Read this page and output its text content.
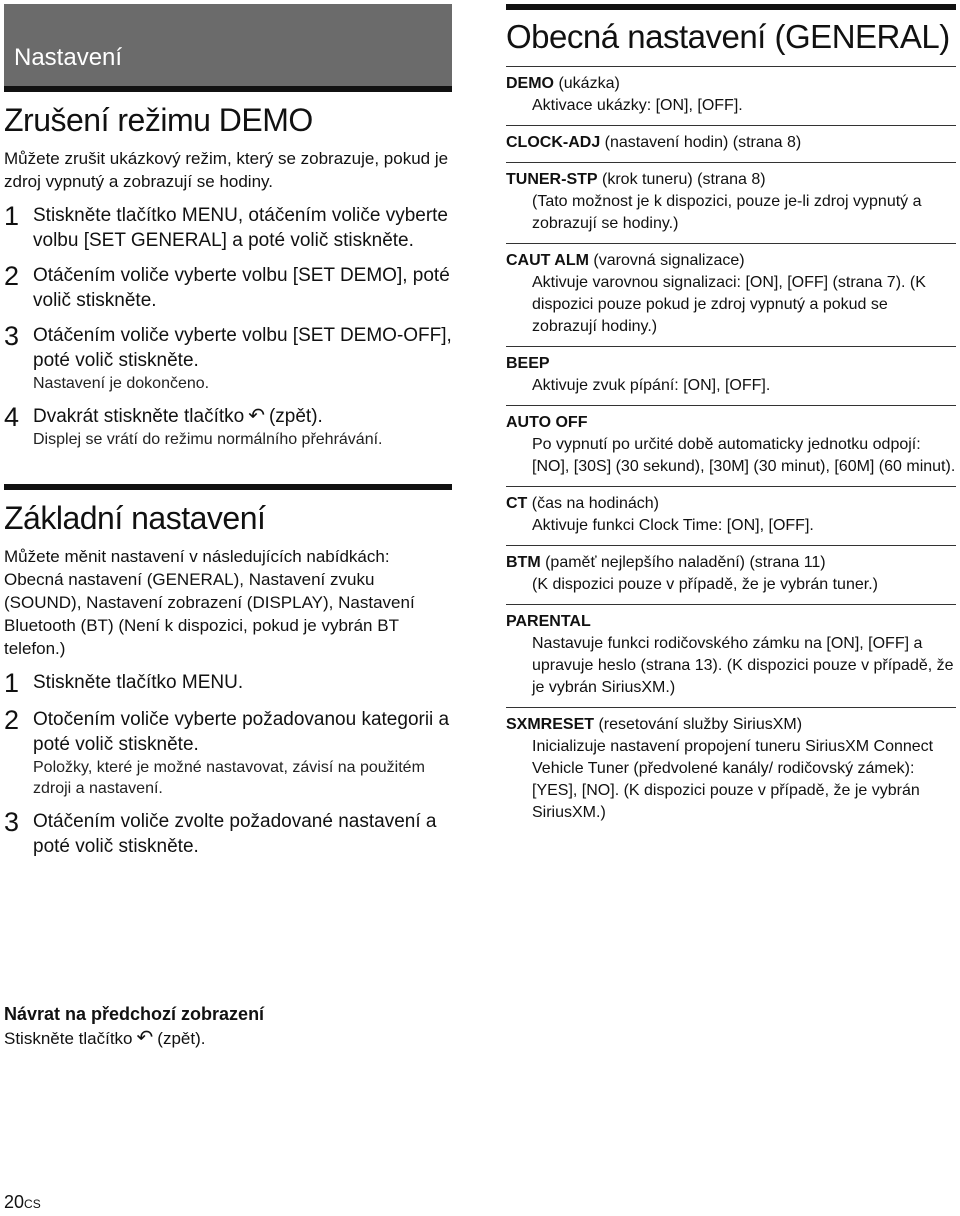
Nastavení
Zrušení režimu DEMO

Můžete zrušit ukázkový režim, který se zobrazuje, pokud je zdroj vypnutý a zobrazují se hodiny.

1 Stiskněte tlačítko MENU, otáčením voliče vyberte volbu [SET GENERAL] a poté volič stiskněte.
2 Otáčením voliče vyberte volbu [SET DEMO], poté volič stiskněte.
3 Otáčením voliče vyberte volbu [SET DEMO-OFF], poté volič stiskněte.
Nastavení je dokončeno.
4 Dvakrát stiskněte tlačítko ↶ (zpět).
Displej se vrátí do režimu normálního přehrávání.
Základní nastavení

Můžete měnit nastavení v následujících nabídkách: Obecná nastavení (GENERAL), Nastavení zvuku (SOUND), Nastavení zobrazení (DISPLAY), Nastavení Bluetooth (BT) (Není k dispozici, pokud je vybrán BT telefon.)

1 Stiskněte tlačítko MENU.
2 Otočením voliče vyberte požadovanou kategorii a poté volič stiskněte.
Položky, které je možné nastavovat, závisí na použitém zdroji a nastavení.
3 Otáčením voliče zvolte požadované nastavení a poté volič stiskněte.
Návrat na předchozí zobrazení
Stiskněte tlačítko ↶ (zpět).
Obecná nastavení (GENERAL)
DEMO (ukázka)
Aktivace ukázky: [ON], [OFF].
CLOCK-ADJ (nastavení hodin) (strana 8)
TUNER-STP (krok tuneru) (strana 8)
(Tato možnost je k dispozici, pouze je-li zdroj vypnutý a zobrazují se hodiny.)
CAUT ALM (varovná signalizace)
Aktivuje varovnou signalizaci: [ON], [OFF] (strana 7). (K dispozici pouze pokud je zdroj vypnutý a pokud se zobrazují hodiny.)
BEEP
Aktivuje zvuk pípání: [ON], [OFF].
AUTO OFF
Po vypnutí po určité době automaticky jednotku odpojí: [NO], [30S] (30 sekund), [30M] (30 minut), [60M] (60 minut).
CT (čas na hodinách)
Aktivuje funkci Clock Time: [ON], [OFF].
BTM (paměť nejlepšího naladění) (strana 11)
(K dispozici pouze v případě, že je vybrán tuner.)
PARENTAL
Nastavuje funkci rodičovského zámku na [ON], [OFF] a upravuje heslo (strana 13). (K dispozici pouze v případě, že je vybrán SiriusXM.)
SXMRESET (resetování služby SiriusXM)
Inicializuje nastavení propojení tuneru SiriusXM Connect Vehicle Tuner (předvolené kanály/ rodičovský zámek): [YES], [NO]. (K dispozici pouze v případě, že je vybrán SiriusXM.)
20CS
